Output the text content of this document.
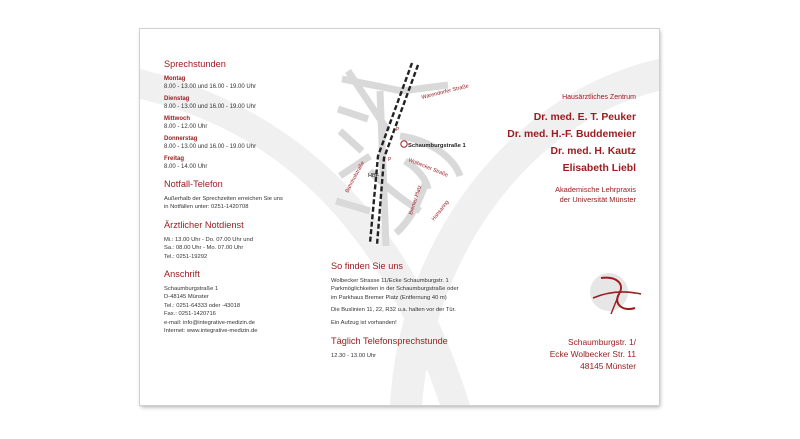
Sprechstunden
Montag
8.00 - 13.00 und 16.00 - 19.00 Uhr
Dienstag
8.00 - 13.00 und 16.00 - 19.00 Uhr
Mittwoch
8.00 - 12.00 Uhr
Donnerstag
8.00 - 13.00 und 16.00 - 19.00 Uhr
Freitag
8.00 - 14.00 Uhr
Notfall-Telefon
Außerhalb der Sprechzeiten erreichen Sie uns
in Notfällen unter: 0251-1420708
Ärztlicher Notdienst
Mi.: 13.00 Uhr - Do. 07.00 Uhr und
Sa.: 08.00 Uhr - Mo. 07.00 Uhr
Tel.: 0251-19292
Anschrift
Schaumburgstraße 1
D-48145 Münster
Tel.: 0251-64333 oder -43018
Fax.: 0251-1420716
e-mail: info@integrative-medizin.de
Internet: www.integrative-medizin.de
Warendorfer Straße
Schaumburgstraße 1
Wolbecker Straße
Bahnhofstraße HBF
Bremer Platz Hansaring
P
P
So finden Sie uns
Wolbecker Strasse 11/Ecke Schaumburgstr. 1
Parkmöglichkeiten in der Schaumburgstraße oder
im Parkhaus Bremer Platz (Entfernung 40 m)
Die Buslinien 11, 22, R32 u.a. halten vor der Tür.
Ein Aufzug ist vorhanden!
Täglich Telefonsprechstunde
12.30 - 13.00 Uhr
Hausärztliches Zentrum
Dr. med. E. T. Peuker
Dr. med. H.-F. Buddemeier
Dr. med. H. Kautz
Elisabeth Liebl
Akademische Lehrpraxis
der Universität Münster
Schaumburgstr. 1/
Ecke Wolbecker Str. 11
48145 Münster
